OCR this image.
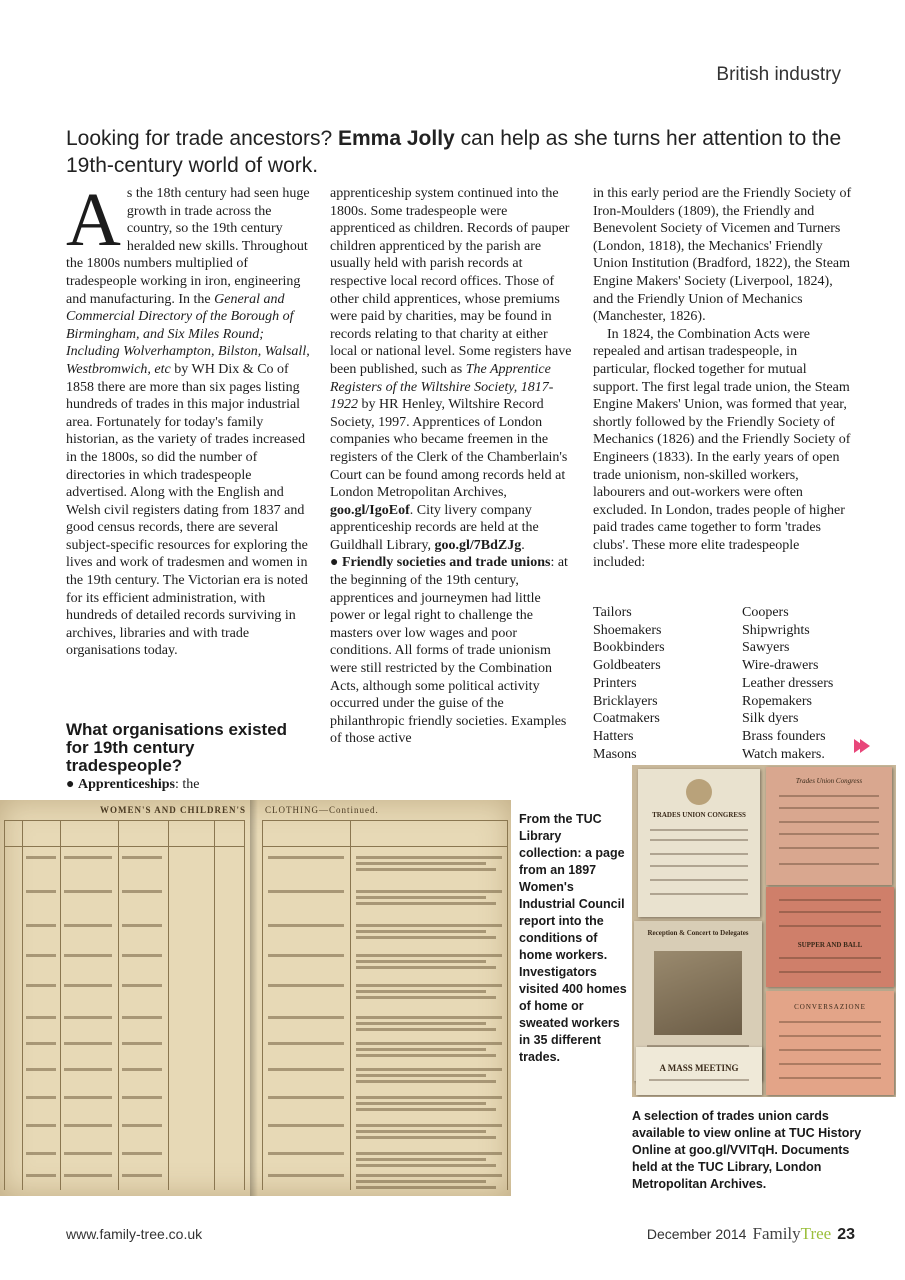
British industry
Looking for trade ancestors? Emma Jolly can help as she turns her attention to the 19th-century world of work.

As the 18th century had seen huge growth in trade across the country, so the 19th century heralded new skills. Throughout the 1800s numbers multiplied of tradespeople working in iron, engineering and manufacturing. In the General and Commercial Directory of the Borough of Birmingham, and Six Miles Round; Including Wolverhampton, Bilston, Walsall, Westbromwich, etc by WH Dix & Co of 1858 there are more than six pages listing hundreds of trades in this major industrial area. Fortunately for today's family historian, as the variety of trades increased in the 1800s, so did the number of directories in which tradespeople advertised. Along with the English and Welsh civil registers dating from 1837 and good census records, there are several subject-specific resources for exploring the lives and work of tradesmen and women in the 19th century. The Victorian era is noted for its efficient administration, with hundreds of detailed records surviving in archives, libraries and with trade organisations today.

What organisations existed for 19th century tradespeople?
● Apprenticeships: the

apprenticeship system continued into the 1800s. Some tradespeople were apprenticed as children. Records of pauper children apprenticed by the parish are usually held with parish records at respective local record offices. Those of other child apprentices, whose premiums were paid by charities, may be found in records relating to that charity at either local or national level. Some registers have been published, such as The Apprentice Registers of the Wiltshire Society, 1817-1922 by HR Henley, Wiltshire Record Society, 1997. Apprentices of London companies who became freemen in the registers of the Clerk of the Chamberlain's Court can be found among records held at London Metropolitan Archives, goo.gl/IgoEof. City livery company apprenticeship records are held at the Guildhall Library, goo.gl/7BdZJg.

● Friendly societies and trade unions: at the beginning of the 19th century, apprentices and journeymen had little power or legal right to challenge the masters over low wages and poor conditions. All forms of trade unionism were still restricted by the Combination Acts, although some political activity occurred under the guise of the philanthropic friendly societies. Examples of those active

in this early period are the Friendly Society of Iron-Moulders (1809), the Friendly and Benevolent Society of Vicemen and Turners (London, 1818), the Mechanics' Friendly Union Institution (Bradford, 1822), the Steam Engine Makers' Society (Liverpool, 1824), and the Friendly Union of Mechanics (Manchester, 1826).

In 1824, the Combination Acts were repealed and artisan tradespeople, in particular, flocked together for mutual support. The first legal trade union, the Steam Engine Makers' Union, was formed that year, shortly followed by the Friendly Society of Mechanics (1826) and the Friendly Society of Engineers (1833). In the early years of open trade unionism, non-skilled workers, labourers and out-workers were often excluded. In London, trades people of higher paid trades came together to form 'trades clubs'. These more elite tradespeople included:

Tailors	Coopers
Shoemakers	Shipwrights
Bookbinders	Sawyers
Goldbeaters	Wire-drawers
Printers	Leather dressers
Bricklayers	Ropemakers
Coatmakers	Silk dyers
Hatters	Brass founders
Masons	Watch makers.
WOMEN'S AND CHILDREN'S CLOTHING—Continued.
From the TUC Library collection: a page from an 1897 Women's Industrial Council report into the conditions of home workers. Investigators visited 400 homes of home or sweated workers in 35 different trades.
TRADES UNION CONGRESS
Trades Union Congress
Reception & Concert to Delegates
SUPPER AND BALL
CONVERSAZIONE
A MASS MEETING
A selection of trades union cards available to view online at TUC History Online at goo.gl/VVITqH. Documents held at the TUC Library, London Metropolitan Archives.
www.family-tree.co.uk	December 2014 FamilyTree 23
